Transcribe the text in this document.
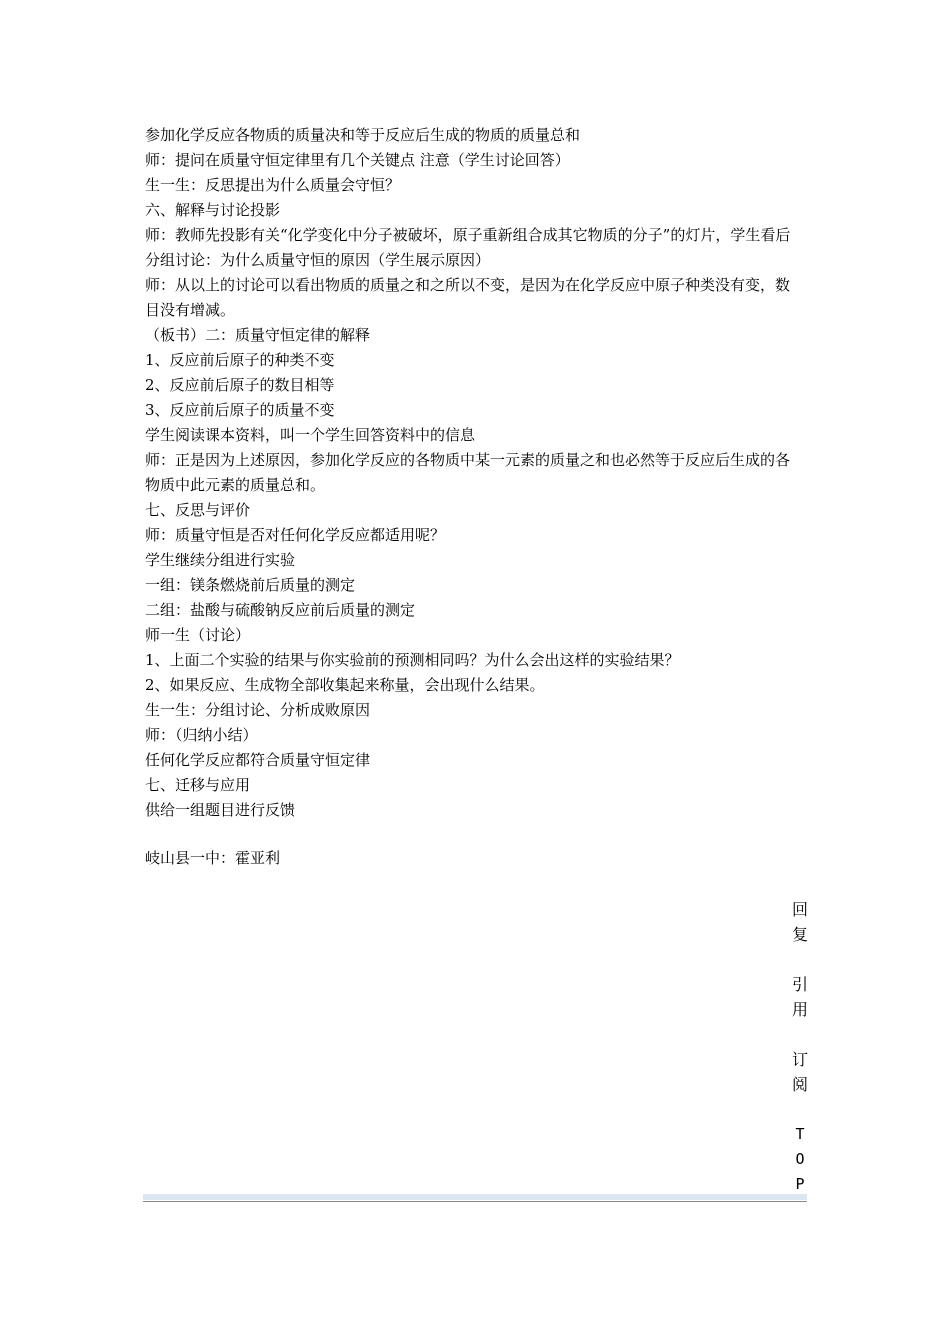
参加化学反应各物质的质量决和等于反应后生成的物质的质量总和
师：提问在质量守恒定律里有几个关键点 注意（学生讨论回答）
生一生：反思提出为什么质量会守恒？
六、解释与讨论投影
师：教师先投影有关“化学变化中分子被破坏，原子重新组合成其它物质的分子”的灯片，学生看后分组讨论：为什么质量守恒的原因（学生展示原因）
师：从以上的讨论可以看出物质的质量之和之所以不变，是因为在化学反应中原子种类没有变，数目没有增减。
（板书）二：质量守恒定律的解释
1、反应前后原子的种类不变
2、反应前后原子的数目相等
3、反应前后原子的质量不变
学生阅读课本资料，叫一个学生回答资料中的信息
师：正是因为上述原因，参加化学反应的各物质中某一元素的质量之和也必然等于反应后生成的各物质中此元素的质量总和。
七、反思与评价
师：质量守恒是否对任何化学反应都适用呢？
学生继续分组进行实验
一组：镁条燃烧前后质量的测定
二组：盐酸与硫酸钠反应前后质量的测定
师一生（讨论）
1、上面二个实验的结果与你实验前的预测相同吗？为什么会出这样的实验结果？
2、如果反应、生成物全部收集起来称量，会出现什么结果。
生一生：分组讨论、分析成败原因
师：（归纳小结）
任何化学反应都符合质量守恒定律
七、迁移与应用
供给一组题目进行反馈
岐山县一中：霍亚利
回
复
引
用
订
阅
T
O
P
